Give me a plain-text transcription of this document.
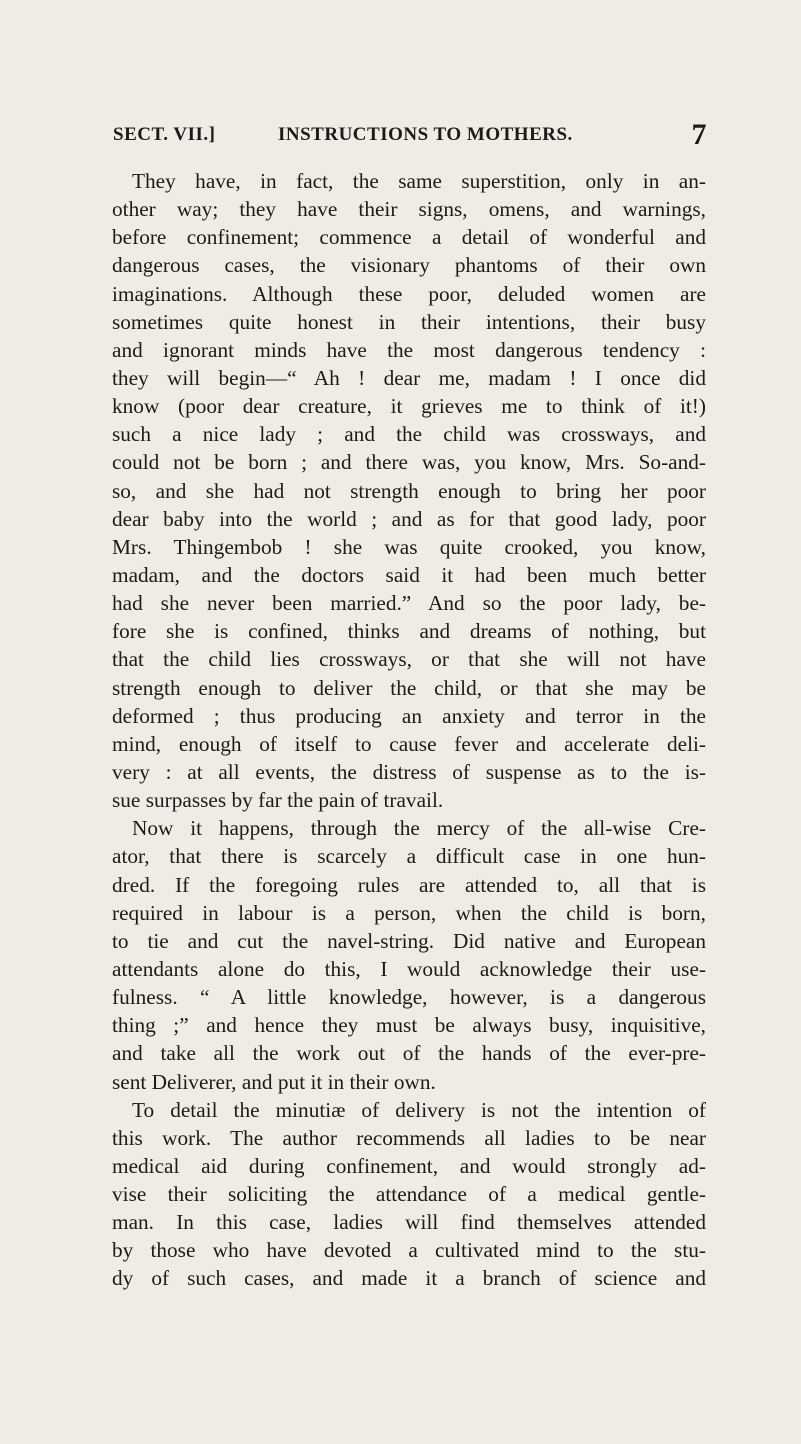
SECT. VII.]	INSTRUCTIONS TO MOTHERS.	7
They have, in fact, the same superstition, only in an-
other way; they have their signs, omens, and warnings,
before confinement; commence a detail of wonderful and
dangerous cases, the visionary phantoms of their own
imaginations. Although these poor, deluded women are
sometimes quite honest in their intentions, their busy
and ignorant minds have the most dangerous tendency :
they will begin—“ Ah ! dear me, madam ! I once did
know (poor dear creature, it grieves me to think of it!)
such a nice lady ; and the child was crossways, and
could not be born ; and there was, you know, Mrs. So-and-
so, and she had not strength enough to bring her poor
dear baby into the world ; and as for that good lady, poor
Mrs. Thingembob ! she was quite crooked, you know,
madam, and the doctors said it had been much better
had she never been married.” And so the poor lady, be-
fore she is confined, thinks and dreams of nothing, but
that the child lies crossways, or that she will not have
strength enough to deliver the child, or that she may be
deformed ; thus producing an anxiety and terror in the
mind, enough of itself to cause fever and accelerate deli-
very : at all events, the distress of suspense as to the is-
sue surpasses by far the pain of travail.
Now it happens, through the mercy of the all-wise Cre-
ator, that there is scarcely a difficult case in one hun-
dred. If the foregoing rules are attended to, all that is
required in labour is a person, when the child is born,
to tie and cut the navel-string. Did native and European
attendants alone do this, I would acknowledge their use-
fulness. “ A little knowledge, however, is a dangerous
thing ;” and hence they must be always busy, inquisitive,
and take all the work out of the hands of the ever-pre-
sent Deliverer, and put it in their own.
To detail the minutiæ of delivery is not the intention of
this work. The author recommends all ladies to be near
medical aid during confinement, and would strongly ad-
vise their soliciting the attendance of a medical gentle-
man. In this case, ladies will find themselves attended
by those who have devoted a cultivated mind to the stu-
dy of such cases, and made it a branch of science and
